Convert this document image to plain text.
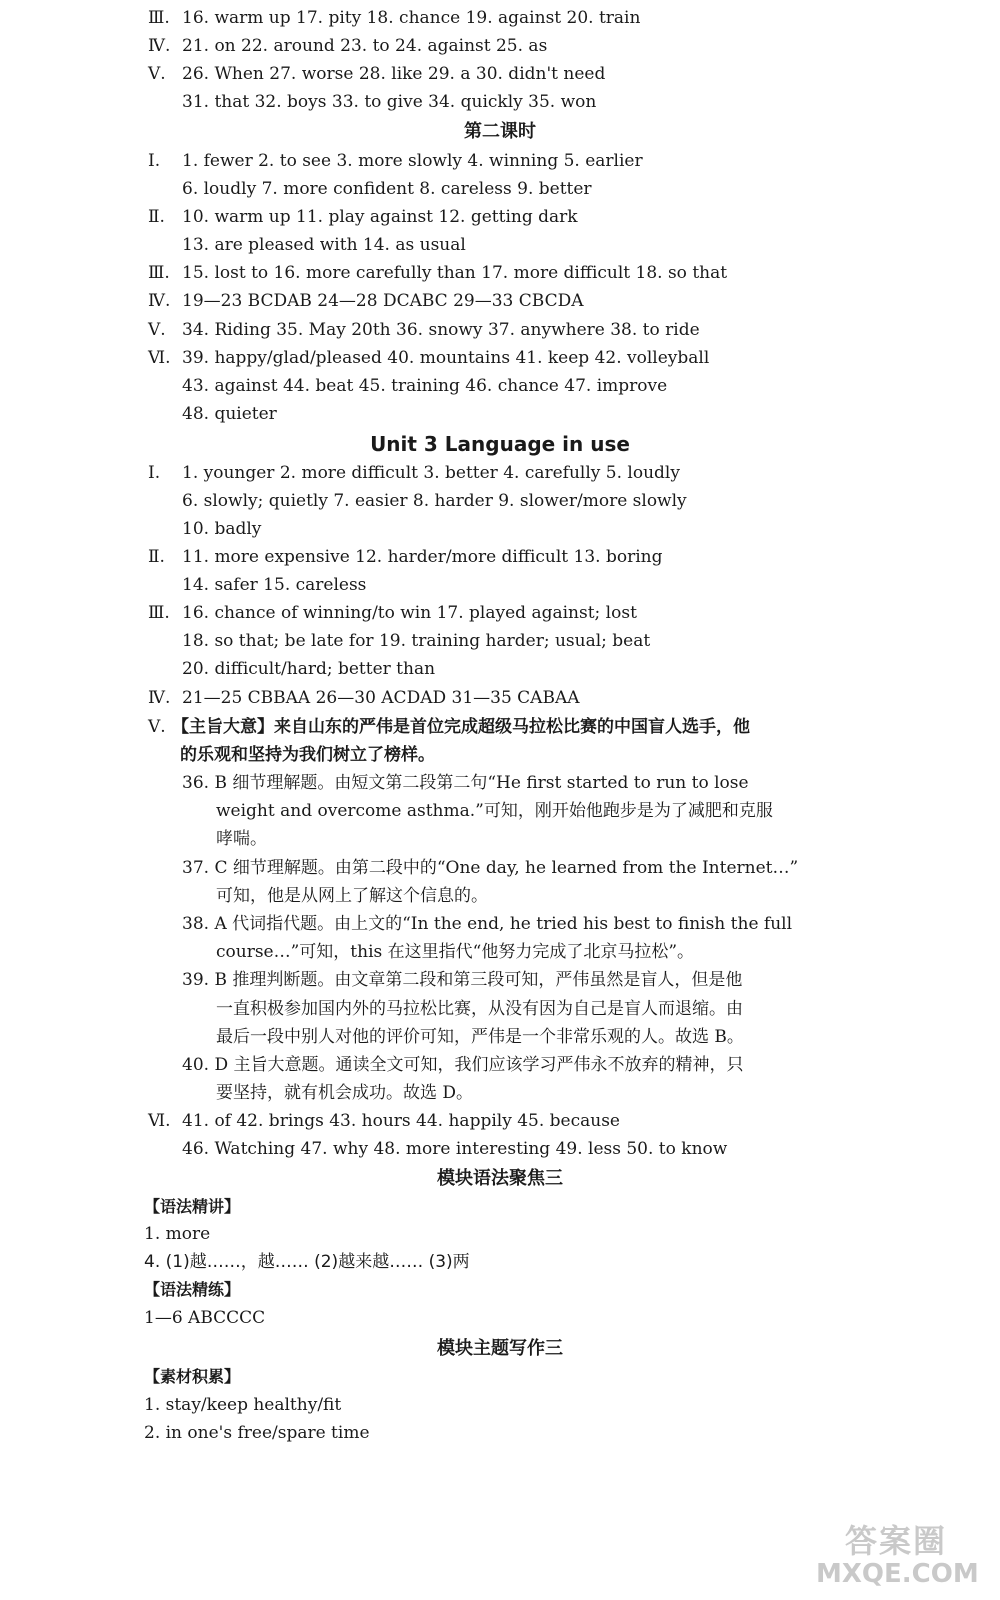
Ⅲ. 16. warm up 17. pity 18. chance 19. against 20. train
Ⅳ. 21. on 22. around 23. to 24. against 25. as
Ⅴ. 26. When 27. worse 28. like 29. a 30. didn't need
31. that 32. boys 33. to give 34. quickly 35. won
第二课时
Ⅰ.	1. fewer 2. to see 3. more slowly 4. winning 5. earlier
6. loudly 7. more confident 8. careless 9. better
Ⅱ.	10. warm up 11. play against 12. getting dark
13. are pleased with 14. as usual
Ⅲ. 15. lost to 16. more carefully than 17. more difficult 18. so that
Ⅳ. 19—23 BCDAB 24—28 DCABC 29—33 CBCDA
Ⅴ. 34. Riding 35. May 20th 36. snowy 37. anywhere 38. to ride
Ⅵ. 39. happy/glad/pleased 40. mountains 41. keep 42. volleyball
43. against 44. beat 45. training 46. chance 47. improve
48. quieter
Unit 3 Language in use
Ⅰ.	1. younger 2. more difficult 3. better 4. carefully 5. loudly
6. slowly; quietly 7. easier 8. harder 9. slower/more slowly
10. badly
Ⅱ.	11. more expensive 12. harder/more difficult 13. boring
14. safer 15. careless
Ⅲ. 16. chance of winning/to win 17. played against; lost
18. so that; be late for 19. training harder; usual; beat
20. difficult/hard; better than
Ⅳ. 21—25 CBBAA 26—30 ACDAD 31—35 CABAA
Ⅴ. 【主旨大意】来自山东的严伟是首位完成超级马拉松比赛的中国盲人选手，他
的乐观和坚持为我们树立了榜样。
36. B 细节理解题。由短文第二段第二句“He first started to run to lose
weight and overcome asthma.”可知，刚开始他跑步是为了减肥和克服
哮喘。
37. C 细节理解题。由第二段中的“One day, he learned from the Internet…”
可知，他是从网上了解这个信息的。
38. A 代词指代题。由上文的“In the end, he tried his best to finish the full
course…”可知，this 在这里指代“他努力完成了北京马拉松”。
39. B 推理判断题。由文章第二段和第三段可知，严伟虽然是盲人，但是他
一直积极参加国内外的马拉松比赛，从没有因为自己是盲人而退缩。由
最后一段中别人对他的评价可知，严伟是一个非常乐观的人。故选 B。
40. D 主旨大意题。通读全文可知，我们应该学习严伟永不放弃的精神，只
要坚持，就有机会成功。故选 D。
Ⅵ. 41. of 42. brings 43. hours 44. happily 45. because
46. Watching 47. why 48. more interesting 49. less 50. to know
模块语法聚焦三
【语法精讲】
1. more
4. (1)越……，越…… (2)越来越…… (3)两
【语法精练】
1—6 ABCCCC
模块主题写作三
【素材积累】
1. stay/keep healthy/fit
2. in one's free/spare time
答案圈
MXQE.COM
